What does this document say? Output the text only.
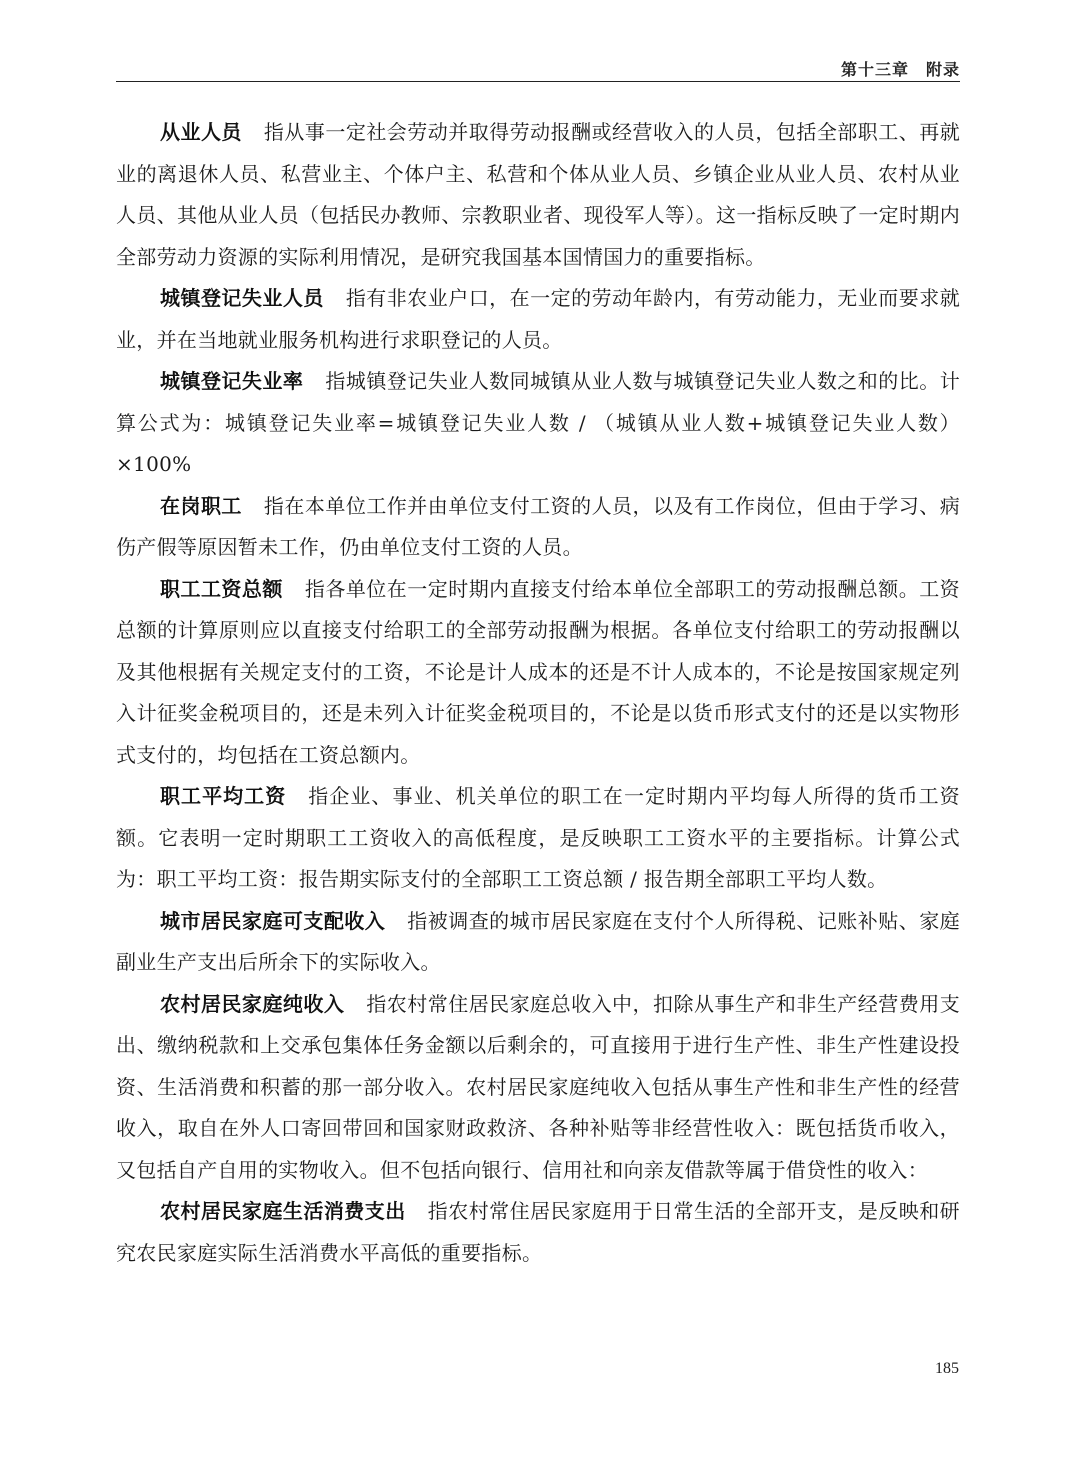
第十三章　附录

从业人员 指从事一定社会劳动并取得劳动报酬或经营收入的人员，包括全部职工、再就业的离退休人员、私营业主、个体户主、私营和个体从业人员、乡镇企业从业人员、农村从业人员、其他从业人员（包括民办教师、宗教职业者、现役军人等）。这一指标反映了一定时期内全部劳动力资源的实际利用情况，是研究我国基本国情国力的重要指标。

城镇登记失业人员 指有非农业户口，在一定的劳动年龄内，有劳动能力，无业而要求就业，并在当地就业服务机构进行求职登记的人员。

城镇登记失业率 指城镇登记失业人数同城镇从业人数与城镇登记失业人数之和的比。计算公式为：城镇登记失业率=城镇登记失业人数 / （城镇从业人数+城镇登记失业人数）×100%

在岗职工 指在本单位工作并由单位支付工资的人员，以及有工作岗位，但由于学习、病伤产假等原因暂未工作，仍由单位支付工资的人员。

职工工资总额 指各单位在一定时期内直接支付给本单位全部职工的劳动报酬总额。工资总额的计算原则应以直接支付给职工的全部劳动报酬为根据。各单位支付给职工的劳动报酬以及其他根据有关规定支付的工资，不论是计人成本的还是不计人成本的，不论是按国家规定列入计征奖金税项目的，还是未列入计征奖金税项目的，不论是以货币形式支付的还是以实物形式支付的，均包括在工资总额内。

职工平均工资 指企业、事业、机关单位的职工在一定时期内平均每人所得的货币工资额。它表明一定时期职工工资收入的高低程度，是反映职工工资水平的主要指标。计算公式为：职工平均工资：报告期实际支付的全部职工工资总额 / 报告期全部职工平均人数。

城市居民家庭可支配收入 指被调查的城市居民家庭在支付个人所得税、记账补贴、家庭副业生产支出后所余下的实际收入。

农村居民家庭纯收入 指农村常住居民家庭总收入中，扣除从事生产和非生产经营费用支出、缴纳税款和上交承包集体任务金额以后剩余的，可直接用于进行生产性、非生产性建设投资、生活消费和积蓄的那一部分收入。农村居民家庭纯收入包括从事生产性和非生产性的经营收入，取自在外人口寄回带回和国家财政救济、各种补贴等非经营性收入：既包括货币收入，又包括自产自用的实物收入。但不包括向银行、信用社和向亲友借款等属于借贷性的收入：

农村居民家庭生活消费支出 指农村常住居民家庭用于日常生活的全部开支，是反映和研究农民家庭实际生活消费水平高低的重要指标。

185
